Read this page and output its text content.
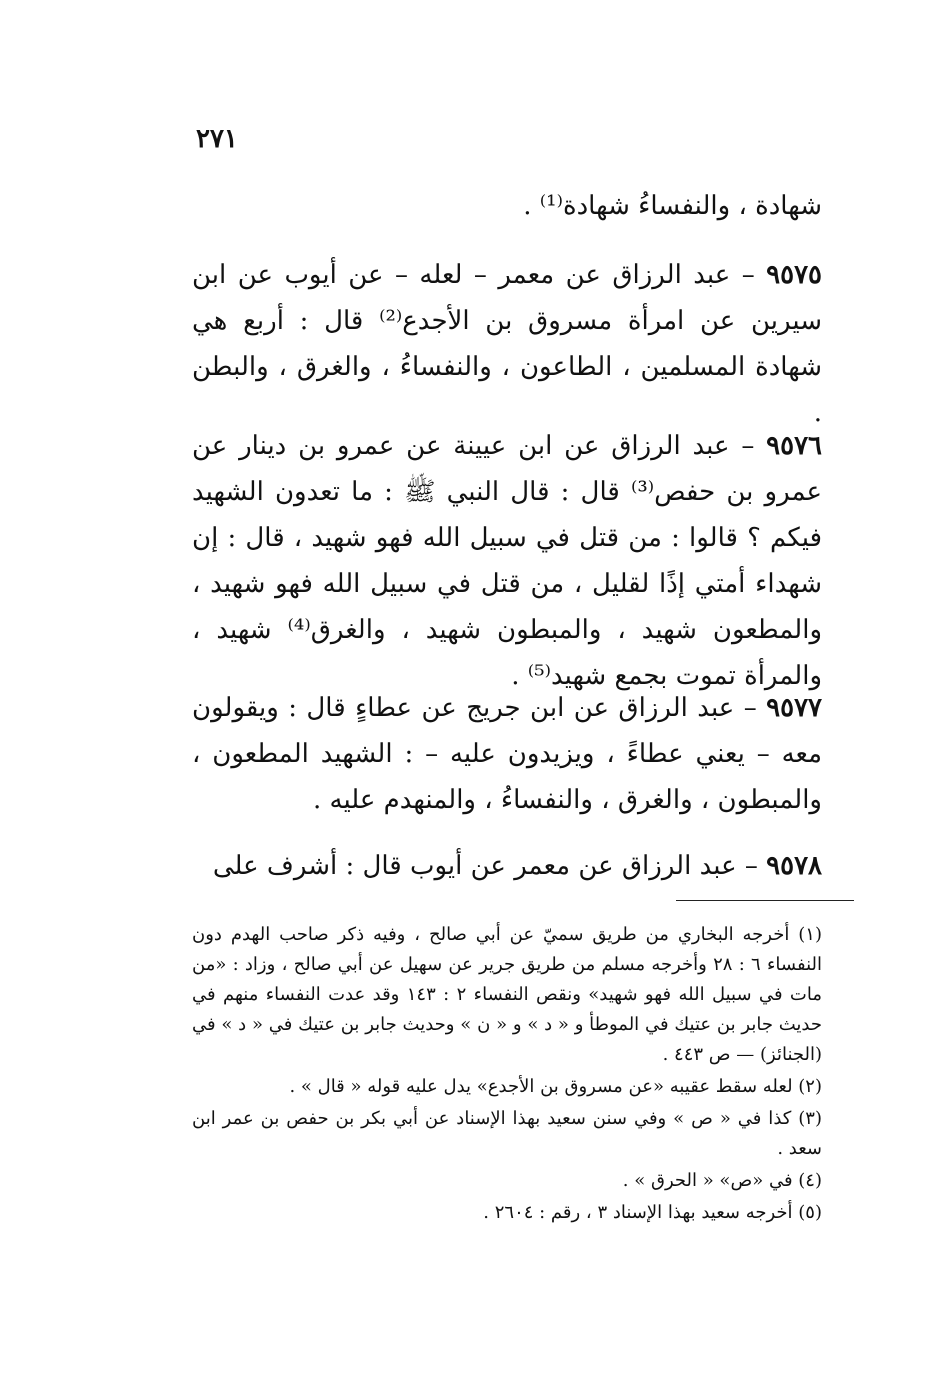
٢٧١
شهادة ، والنفساءُ شهادة⁽¹⁾ .
٩٥٧٥ – عبد الرزاق عن معمر – لعله – عن أيوب عن ابن سيرين عن امرأة مسروق بن الأجدع⁽²⁾ قال : أربع هي شهادة المسلمين ، الطاعون ، والنفساءُ ، والغرق ، والبطن .
٩٥٧٦ – عبد الرزاق عن ابن عيينة عن عمرو بن دينار عن عمرو بن حفص⁽³⁾ قال : قال النبي ﷺ : ما تعدون الشهيد فيكم ؟ قالوا : من قتل في سبيل الله فهو شهيد ، قال : إن شهداء أمتي إذًا لقليل ، من قتل في سبيل الله فهو شهيد ، والمطعون شهيد ، والمبطون شهيد ، والغرق⁽⁴⁾ شهيد ، والمرأة تموت بجمع شهيد⁽⁵⁾ .
٩٥٧٧ – عبد الرزاق عن ابن جريج عن عطاءٍ قال : ويقولون معه – يعني عطاءً ، ويزيدون عليه – : الشهيد المطعون ، والمبطون ، والغرق ، والنفساءُ ، والمنهدم عليه .
٩٥٧٨ – عبد الرزاق عن معمر عن أيوب قال : أشرف على

(١) أخرجه البخاري من طريق سميّ عن أبي صالح ، وفيه ذكر صاحب الهدم دون النفساء ٦ : ٢٨ وأخرجه مسلم من طريق جرير عن سهيل عن أبي صالح ، وزاد : «من مات في سبيل الله فهو شهيد» ونقص النفساء ٢ : ١٤٣ وقد عدت النفساء منهم في حديث جابر بن عتيك في الموطأ و « د » و « ن » وحديث جابر بن عتيك في « د » في (الجنائز) — ص ٤٤٣ .

(٢) لعله سقط عقيبه «عن مسروق بن الأجدع» يدل عليه قوله « قال » .

(٣) كذا في « ص » وفي سنن سعيد بهذا الإسناد عن أبي بكر بن حفص بن عمر ابن سعد .

(٤) في «ص» « الحرق » .

(٥) أخرجه سعيد بهذا الإسناد ٣ ، رقم : ٢٦٠٤ .
